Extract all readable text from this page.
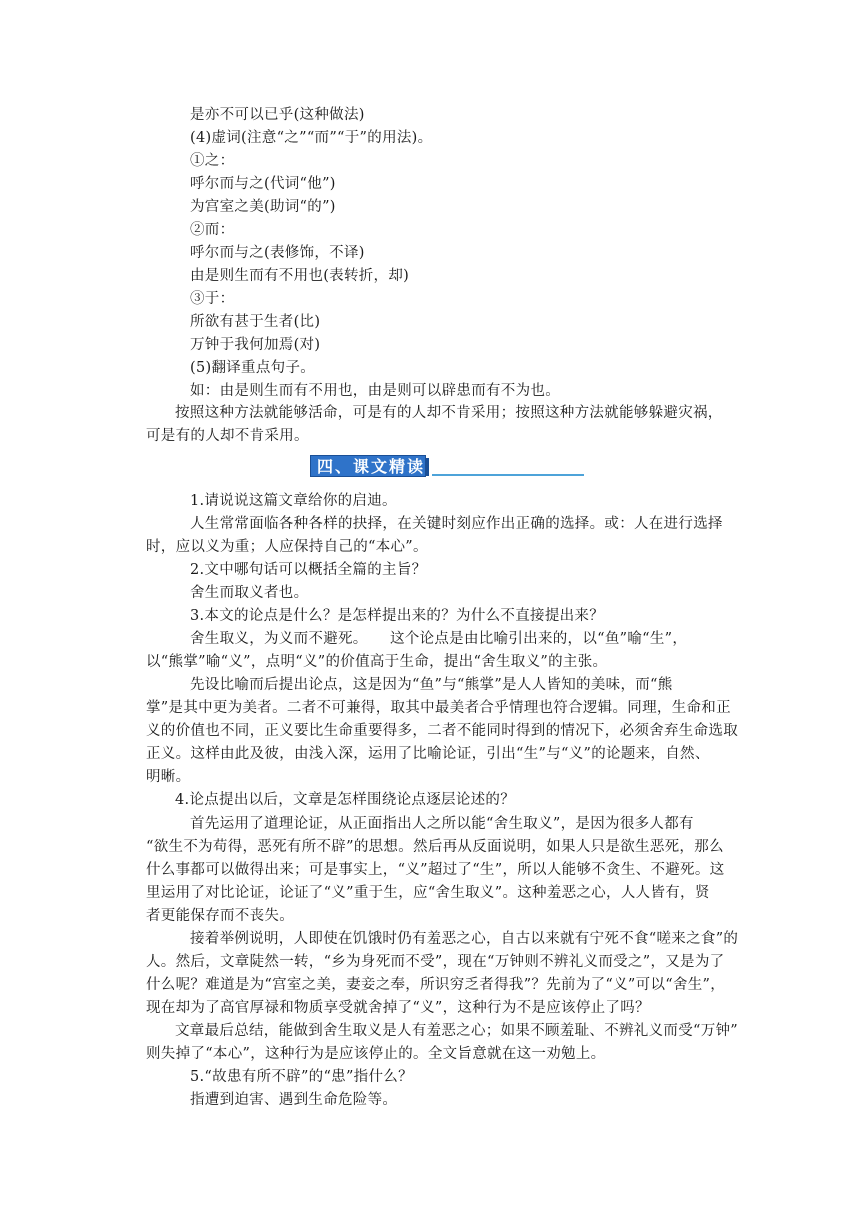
是亦不可以已乎(这种做法)

(4)虚词(注意“之”“而”“于”的用法)。

①之：

呼尔而与之(代词“他”)

为宫室之美(助词“的”)

②而：

呼尔而与之(表修饰，不译)

由是则生而有不用也(表转折，却)

③于：

所欲有甚于生者(比)

万钟于我何加焉(对)

(5)翻译重点句子。

如：由是则生而有不用也，由是则可以辟患而有不为也。

按照这种方法就能够活命，可是有的人却不肯采用；按照这种方法就能够躲避灾祸，

可是有的人却不肯采用。

四、课文精读

1.请说说这篇文章给你的启迪。

人生常常面临各种各样的抉择，在关键时刻应作出正确的选择。或：人在进行选择

时，应以义为重；人应保持自己的“本心”。

2.文中哪句话可以概括全篇的主旨？

舍生而取义者也。

3.本文的论点是什么？是怎样提出来的？为什么不直接提出来？

舍生取义，为义而不避死。　　这个论点是由比喻引出来的，以“鱼”喻“生”，

以“熊掌”喻“义”，点明“义”的价值高于生命，提出“舍生取义”的主张。

先设比喻而后提出论点，这是因为“鱼”与“熊掌”是人人皆知的美味，而“熊

掌”是其中更为美者。二者不可兼得，取其中最美者合乎情理也符合逻辑。同理，生命和正

义的价值也不同，正义要比生命重要得多，二者不能同时得到的情况下，必须舍弃生命选取

正义。这样由此及彼，由浅入深，运用了比喻论证，引出“生”与“义”的论题来，自然、

明晰。

4.论点提出以后，文章是怎样围绕论点逐层论述的？

首先运用了道理论证，从正面指出人之所以能“舍生取义”，是因为很多人都有

“欲生不为苟得，恶死有所不辟”的思想。然后再从反面说明，如果人只是欲生恶死，那么

什么事都可以做得出来；可是事实上，“义”超过了“生”，所以人能够不贪生、不避死。这

里运用了对比论证，论证了“义”重于生，应“舍生取义”。这种羞恶之心，人人皆有，贤

者更能保存而不丧失。

接着举例说明，人即使在饥饿时仍有羞恶之心，自古以来就有宁死不食“嗟来之食”的

人。然后，文章陡然一转，“乡为身死而不受”，现在“万钟则不辨礼义而受之”，又是为了

什么呢？难道是为“宫室之美，妻妾之奉，所识穷乏者得我”？先前为了“义”可以“舍生”，

现在却为了高官厚禄和物质享受就舍掉了“义”，这种行为不是应该停止了吗？

文章最后总结，能做到舍生取义是人有羞恶之心；如果不顾羞耻、不辨礼义而受“万钟”

则失掉了“本心”，这种行为是应该停止的。全文旨意就在这一劝勉上。

5.“故患有所不辟”的“患”指什么？

指遭到迫害、遇到生命危险等。
